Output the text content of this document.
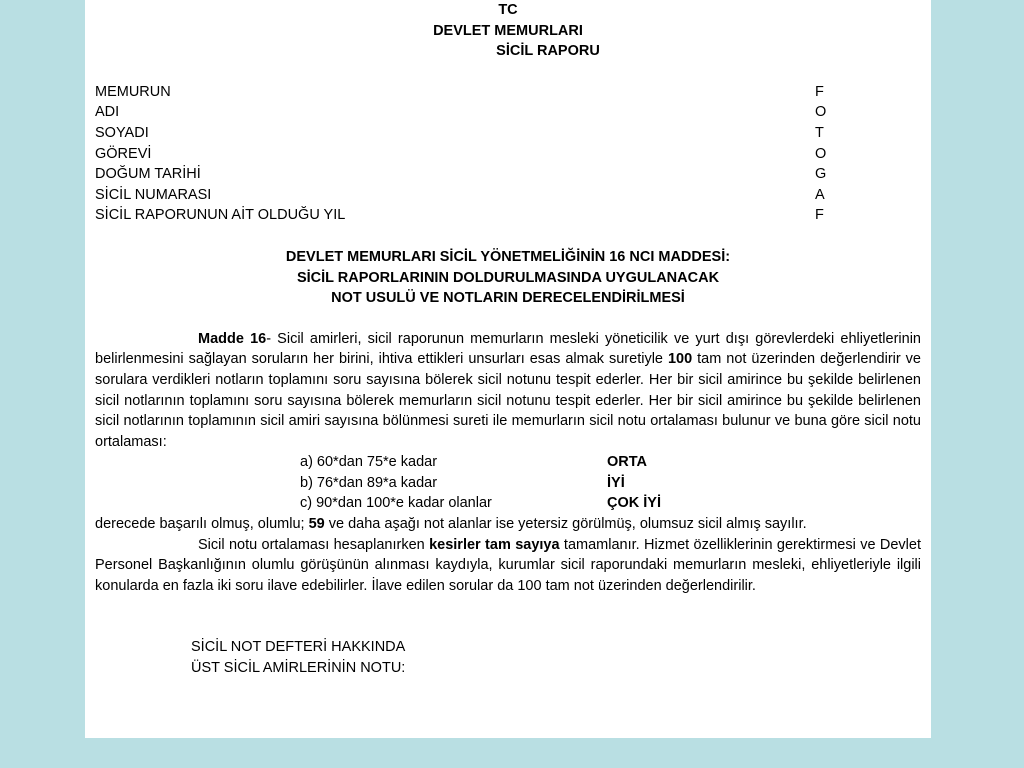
TC
DEVLET MEMURLARI
SİCİL RAPORU
MEMURUN	F
ADI	O
SOYADI	T
GÖREVİ	O
DOĞUM TARİHİ	G
SİCİL NUMARASI	A
SİCİL RAPORUNUN AİT OLDUĞU YIL	F
DEVLET MEMURLARI SİCİL YÖNETMELİĞİNİN 16 NCI MADDESİ:
SİCİL RAPORLARININ DOLDURULMASINDA UYGULANACAK
NOT USULÜ VE NOTLARIN DERECELENDİRİLMESİ
Madde 16- Sicil amirleri, sicil raporunun memurların mesleki yöneticilik ve yurt dışı görevlerdeki ehliyetlerinin belirlenmesini sağlayan soruların her birini, ihtiva ettikleri unsurları esas almak suretiyle 100 tam not üzerinden değerlendirir ve sorulara verdikleri notların toplamını soru sayısına bölerek sicil notunu tespit ederler. Her bir sicil amirince bu şekilde belirlenen sicil notlarının toplamını soru sayısına bölerek memurların sicil notunu tespit ederler. Her bir sicil amirince bu şekilde belirlenen sicil notlarının toplamının sicil amiri sayısına bölünmesi sureti ile memurların sicil notu ortalaması bulunur ve buna göre sicil notu ortalaması:
a) 60*dan 75*e kadar	ORTA
b) 76*dan 89*a kadar	İYİ
c) 90*dan 100*e kadar olanlar	ÇOK İYİ
derecede başarılı olmuş, olumlu; 59 ve daha aşağı not alanlar ise yetersiz görülmüş, olumsuz sicil almış sayılır.
Sicil notu ortalaması hesaplanırken kesirler tam sayıya tamamlanır. Hizmet özelliklerinin gerektirmesi ve Devlet Personel Başkanlığının olumlu görüşünün alınması kaydıyla, kurumlar sicil raporundaki memurların mesleki, ehliyetleriyle ilgili konularda en fazla iki soru ilave edebilirler. İlave edilen sorular da 100 tam not üzerinden değerlendirilir.
SİCİL NOT DEFTERİ HAKKINDA
ÜST SİCİL AMİRLERİNİN NOTU:
